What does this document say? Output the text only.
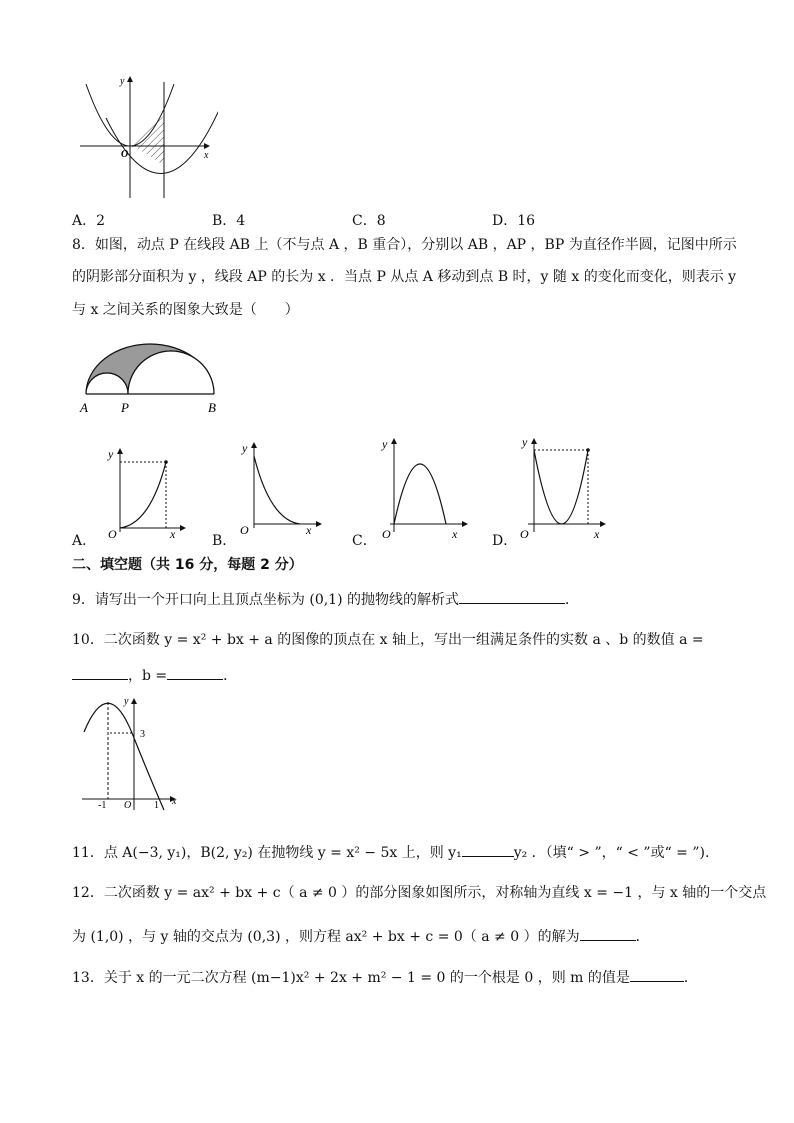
y
x
O
A．2	B．4	C．8	D．16
8．如图，动点 P 在线段 AB 上（不与点 A ，B 重合），分别以 AB ，AP ，BP 为直径作半圆，记图中所示
的阴影部分面积为 y ，线段 AP 的长为 x ．当点 P 从点 A 移动到点 B 时，y 随 x 的变化而变化，则表示 y
与 x 之间关系的图象大致是（　　）
A	P	B
A．
y
O	x	B．
y
O	x
C．
y
O	x D．
y
O	x
二、填空题（共 16 分，每题 2 分）
9．请写出一个开口向上且顶点坐标为 (0,1) 的抛物线的解析式	．
10．二次函数 y = x² + bx + a 的图像的顶点在 x 轴上，写出一组满足条件的实数 a 、b 的数值 a =
，b =	．
y
x
3
-1 O 1
11．点 A(−3, y₁)，B(2, y₂) 在抛物线 y = x² − 5x 上，则 y₁	y₂ ．（填“ > ”，“ < ”或“ = ”).
12．二次函数 y = ax² + bx + c（ a ≠ 0 ）的部分图象如图所示，对称轴为直线 x = −1 ，与 x 轴的一个交点
为 (1,0) ，与 y 轴的交点为 (0,3) ，则方程 ax² + bx + c = 0（ a ≠ 0 ）的解为	．
13．关于 x 的一元二次方程 (m−1)x² + 2x + m² − 1 = 0 的一个根是 0 ，则 m 的值是	．
